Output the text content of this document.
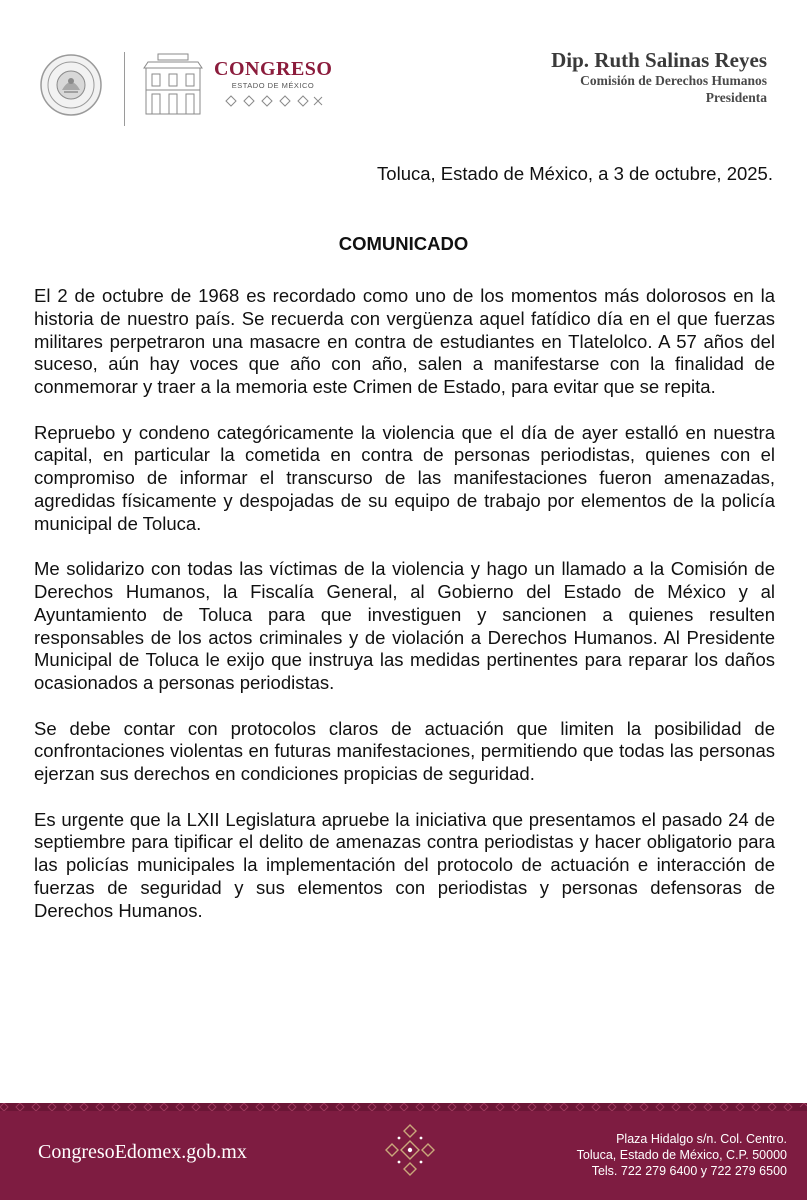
CONGRESO
ESTADO DE MÉXICO
Dip. Ruth Salinas Reyes
Comisión de Derechos Humanos
Presidenta
Toluca, Estado de México, a 3 de octubre, 2025.
COMUNICADO

El 2 de octubre de 1968 es recordado como uno de los momentos más dolorosos en la historia de nuestro país. Se recuerda con vergüenza aquel fatídico día en el que fuerzas militares perpetraron una masacre en contra de estudiantes en Tlatelolco. A 57 años del suceso, aún hay voces que año con año, salen a manifestarse con la finalidad de conmemorar y traer a la memoria este Crimen de Estado, para evitar que se repita.

Repruebo y condeno categóricamente la violencia que el día de ayer estalló en nuestra capital, en particular la cometida en contra de personas periodistas, quienes con el compromiso de informar el transcurso de las manifestaciones fueron amenazadas, agredidas físicamente y despojadas de su equipo de trabajo por elementos de la policía municipal de Toluca.

Me solidarizo con todas las víctimas de la violencia y hago un llamado a la Comisión de Derechos Humanos, la Fiscalía General, al Gobierno del Estado de México y al Ayuntamiento de Toluca para que investiguen y sancionen a quienes resulten responsables de los actos criminales y de violación a Derechos Humanos. Al Presidente Municipal de Toluca le exijo que instruya las medidas pertinentes para reparar los daños ocasionados a personas periodistas.

Se debe contar con protocolos claros de actuación que limiten la posibilidad de confrontaciones violentas en futuras manifestaciones, permitiendo que todas las personas ejerzan sus derechos en condiciones propicias de seguridad.

Es urgente que la LXII Legislatura apruebe la iniciativa que presentamos el pasado 24 de septiembre para tipificar el delito de amenazas contra periodistas y hacer obligatorio para las policías municipales la implementación del protocolo de actuación e interacción de fuerzas de seguridad y sus elementos con periodistas y personas defensoras de Derechos Humanos.

CongresoEdomex.gob.mx
Plaza Hidalgo s/n. Col. Centro.
Toluca, Estado de México, C.P. 50000
Tels. 722 279 6400 y 722 279 6500
